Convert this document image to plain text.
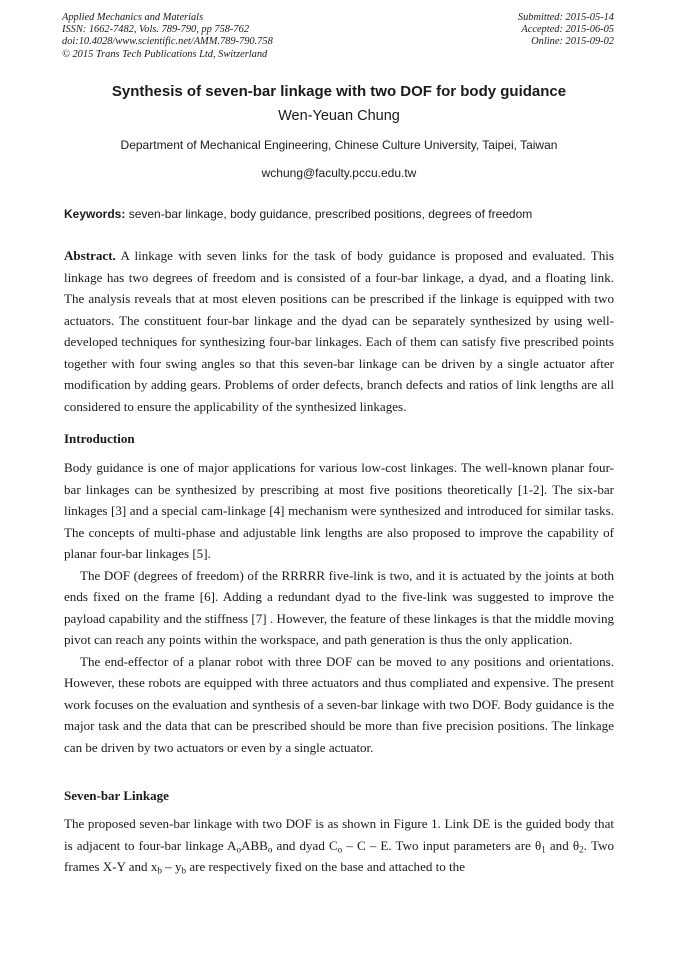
Applied Mechanics and Materials
ISSN: 1662-7482, Vols. 789-790, pp 758-762
doi:10.4028/www.scientific.net/AMM.789-790.758
© 2015 Trans Tech Publications Ltd, Switzerland
Submitted: 2015-05-14
Accepted: 2015-06-05
Online: 2015-09-02
Synthesis of seven-bar linkage with two DOF for body guidance
Wen-Yeuan Chung
Department of Mechanical Engineering, Chinese Culture University, Taipei, Taiwan
wchung@faculty.pccu.edu.tw
Keywords: seven-bar linkage, body guidance, prescribed positions, degrees of freedom

Abstract. A linkage with seven links for the task of body guidance is proposed and evaluated. This linkage has two degrees of freedom and is consisted of a four-bar linkage, a dyad, and a floating link. The analysis reveals that at most eleven positions can be prescribed if the linkage is equipped with two actuators. The constituent four-bar linkage and the dyad can be separately synthesized by using well-developed techniques for synthesizing four-bar linkages. Each of them can satisfy five prescribed points together with four swing angles so that this seven-bar linkage can be driven by a single actuator after modification by adding gears. Problems of order defects, branch defects and ratios of link lengths are all considered to ensure the applicability of the synthesized linkages.

Introduction

Body guidance is one of major applications for various low-cost linkages. The well-known planar four-bar linkages can be synthesized by prescribing at most five positions theoretically [1-2]. The six-bar linkages [3] and a special cam-linkage [4] mechanism were synthesized and introduced for similar tasks. The concepts of multi-phase and adjustable link lengths are also proposed to improve the capability of planar four-bar linkages [5].

The DOF (degrees of freedom) of the RRRRR five-link is two, and it is actuated by the joints at both ends fixed on the frame [6]. Adding a redundant dyad to the five-link was suggested to improve the payload capability and the stiffness [7] . However, the feature of these linkages is that the middle moving pivot can reach any points within the workspace, and path generation is thus the only application.

The end-effector of a planar robot with three DOF can be moved to any positions and orientations. However, these robots are equipped with three actuators and thus compliated and expensive. The present work focuses on the evaluation and synthesis of a seven-bar linkage with two DOF. Body guidance is the major task and the data that can be prescribed should be more than five precision positions. The linkage can be driven by two actuators or even by a single actuator.

Seven-bar Linkage

The proposed seven-bar linkage with two DOF is as shown in Figure 1. Link DE is the guided body that is adjacent to four-bar linkage $A_oABB_o$ and dyad $C_o$ – C – E. Two input parameters are $\theta_1$ and $\theta_2$. Two frames X-Y and $x_b - y_b$ are respectively fixed on the base and attached to the
